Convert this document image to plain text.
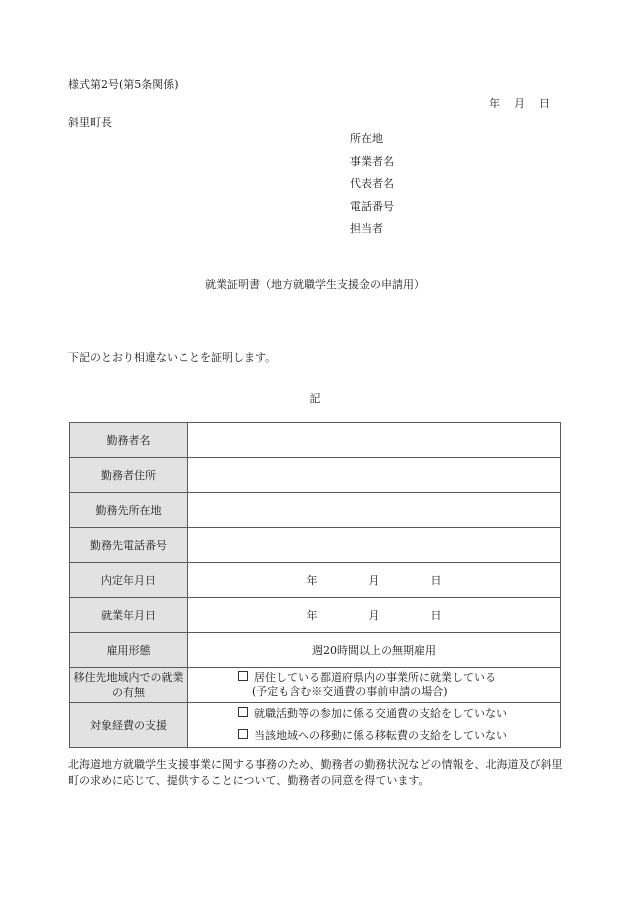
様式第2号(第5条関係)
年 月 日
斜里町長
所在地
事業者名
代表者名
電話番号
担当者
就業証明書（地方就職学生支援金の申請用）
下記のとおり相違ないことを証明します。
記
勤務者名	
勤務者住所	
勤務先所在地	
勤務先電話番号	
内定年月日	年 月 日
就業年月日	年 月 日
雇用形態	週20時間以上の無期雇用
移住先地域内での就業の有無	居住している都道府県内の事業所に就業している
(予定も含む※交通費の事前申請の場合)

対象経費の支援	就職活動等の参加に係る交通費の支給をしていない
当該地域への移動に係る移転費の支給をしていない
北海道地方就職学生支援事業に関する事務のため、勤務者の勤務状況などの情報を、北海道及び斜里町の求めに応じて、提供することについて、勤務者の同意を得ています。
